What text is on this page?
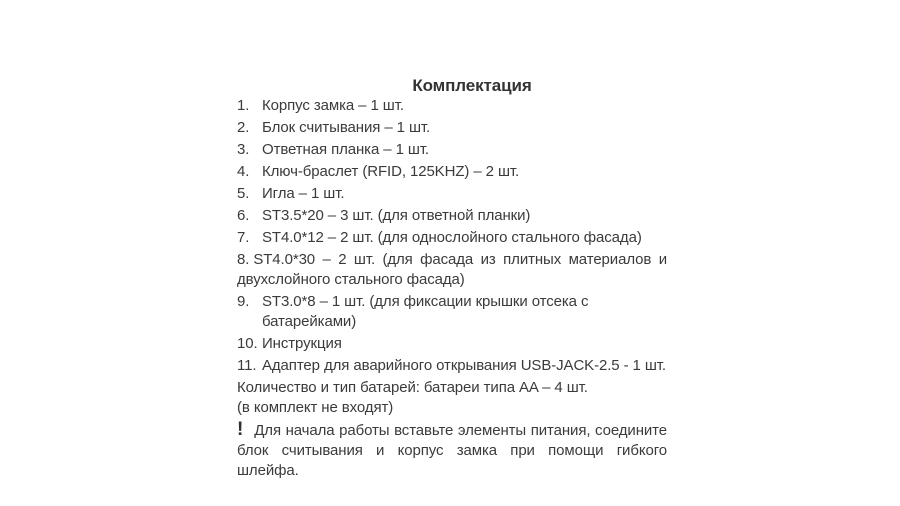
Комплектация

1. Корпус замка – 1 шт.
2. Блок считывания – 1 шт.
3. Ответная планка – 1 шт.
4. Ключ-браслет (RFID, 125KHZ) – 2 шт.
5. Игла – 1 шт.
6. ST3.5*20 – 3 шт. (для ответной планки)
7. ST4.0*12 – 2 шт. (для однослойного стального фасада)
8. ST4.0*30 – 2 шт. (для фасада из плитных материалов и двухслойного стального фасада)
9. ST3.0*8 – 1 шт. (для фиксации крышки отсека с батарейками)
10. Инструкция
11. Адаптер для аварийного открывания USB-JACK-2.5 - 1 шт.

Количество и тип батарей: батареи типа AA – 4 шт.

(в комплект не входят)

! Для начала работы вставьте элементы питания, соедините блок считывания и корпус замка при помощи гибкого шлейфа.
